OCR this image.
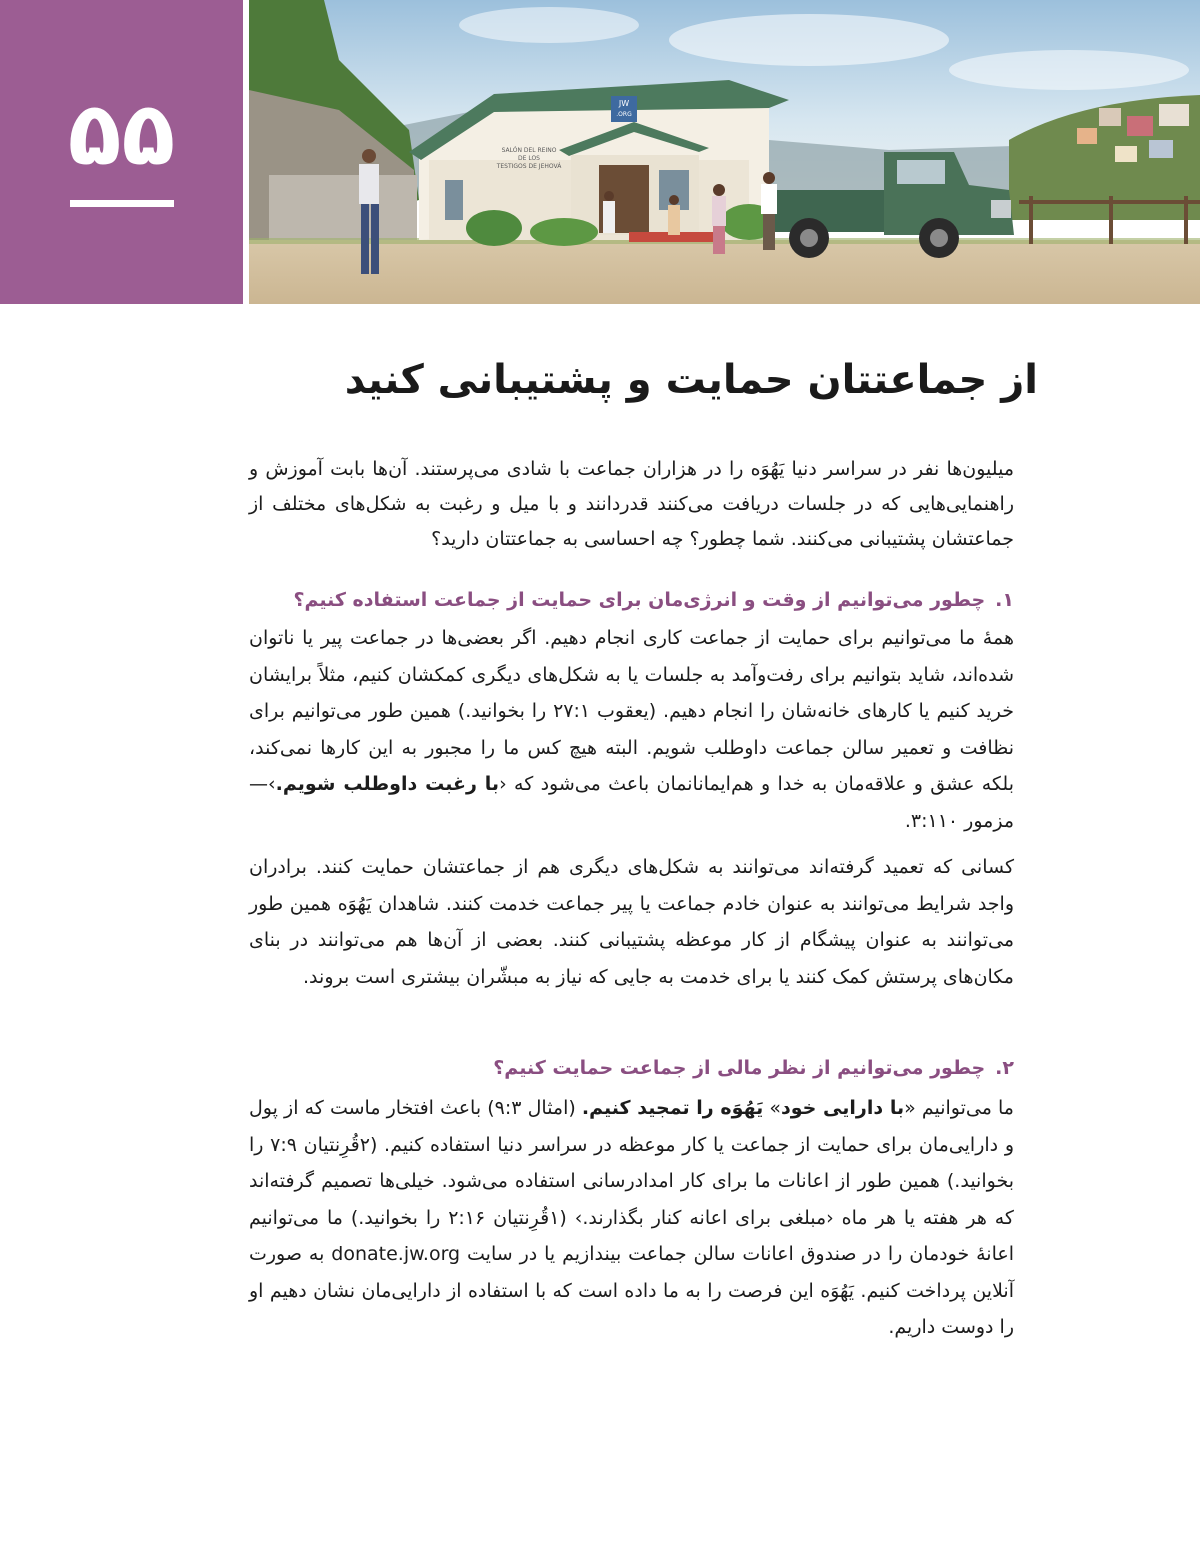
۵۵	JW
.ORG
SALÓN DEL REINO
DE LOS
TESTIGOS DE JEHOVÁ
از جماعتتان حمایت و پشتیبانی کنید

میلیون‌ها نفر در سراسر دنیا یَهُوَه را در هزاران جماعت با شادی می‌پرستند. آن‌ها بابت آموزش و راهنمایی‌هایی که در جلسات دریافت می‌کنند قدردانند و با میل و رغبت به شکل‌های مختلف از جماعتشان پشتیبانی می‌کنند. شما چطور؟ چه احساسی به جماعتتان دارید؟

۱.چطور می‌توانیم از وقت و انرژی‌مان برای حمایت از جماعت استفاده کنیم؟

همهٔ ما می‌توانیم برای حمایت از جماعت کاری انجام دهیم. اگر بعضی‌ها در جماعت پیر یا ناتوان شده‌اند، شاید بتوانیم برای رفت‌وآمد به جلسات یا به شکل‌های دیگری کمکشان کنیم، مثلاً برایشان خرید کنیم یا کارهای خانه‌شان را انجام دهیم. (یعقوب ۲۷:۱ را بخوانید.) همین طور می‌توانیم برای نظافت و تعمیر سالن جماعت داوطلب شویم. البته هیچ کس ما را مجبور به این کارها نمی‌کند، بلکه عشق و علاقه‌مان به خدا و هم‌ایمانانمان باعث می‌شود که ‹با رغبت داوطلب شویم.›—مزمور ۳:۱۱۰.

کسانی که تعمید گرفته‌اند می‌توانند به شکل‌های دیگری هم از جماعتشان حمایت کنند. برادران واجد شرایط می‌توانند به عنوان خادم جماعت یا پیر جماعت خدمت کنند. شاهدان یَهُوَه همین طور می‌توانند به عنوان پیشگام از کار موعظه پشتیبانی کنند. بعضی از آن‌ها هم می‌توانند در بنای مکان‌های پرستش کمک کنند یا برای خدمت به جایی که نیاز به مبشّران بیشتری است بروند.

۲.چطور می‌توانیم از نظر مالی از جماعت حمایت کنیم؟

ما می‌توانیم «با دارایی خود» یَهُوَه را تمجید کنیم. (امثال ۹:۳) باعث افتخار ماست که از پول و دارایی‌مان برای حمایت از جماعت یا کار موعظه در سراسر دنیا استفاده کنیم. (۲قُرِنتیان ۷:۹ را بخوانید.) همین طور از اعانات ما برای کار امدادرسانی استفاده می‌شود. خیلی‌ها تصمیم گرفته‌اند که هر هفته یا هر ماه ‹مبلغی برای اعانه کنار بگذارند.› (۱قُرِنتیان ۲:۱۶ را بخوانید.) ما می‌توانیم اعانهٔ خودمان را در صندوق اعانات سالن جماعت بیندازیم یا در سایت donate.jw.org به صورت آنلاین پرداخت کنیم. یَهُوَه این فرصت را به ما داده است که با استفاده از دارایی‌مان نشان دهیم او را دوست داریم.
